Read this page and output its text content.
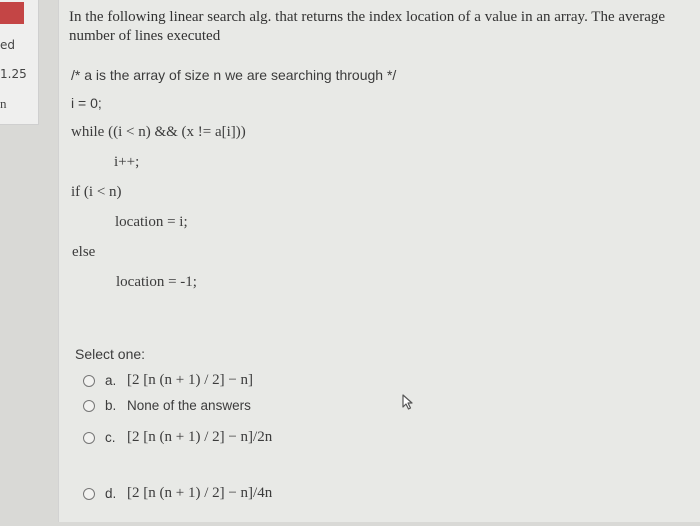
ed
1.25
n

In the following linear search alg. that returns the index location of a value in an array. The average number of lines executed

/* a is the array of size n we are searching through */
i = 0;
while ((i < n) && (x != a[i]))
i++;
if (i < n)
location = i;
else
location = -1;
Select one:
a. [2 [n (n + 1) / 2] − n]
b. None of the answers
c. [2 [n (n + 1) / 2] − n]/2n
d. [2 [n (n + 1) / 2] − n]/4n
